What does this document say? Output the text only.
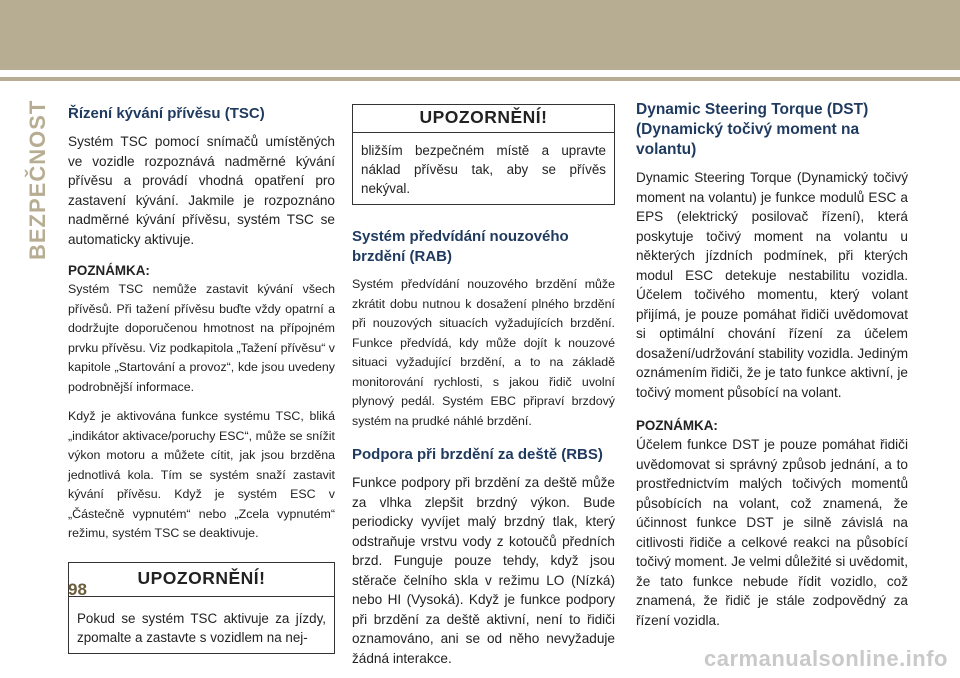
BEZPEČNOST Řízení kývání přívěsu (TSC)

Systém TSC pomocí snímačů umístěných ve vozidle rozpoznává nadměrné kývání přívěsu a provádí vhodná opatření pro zastavení kývání. Jakmile je rozpoznáno nadměrné kývání přívěsu, systém TSC se automaticky aktivuje.

POZNÁMKA:

Systém TSC nemůže zastavit kývání všech přívěsů. Při tažení přívěsu buďte vždy opatrní a dodržujte doporučenou hmotnost na přípojném prvku přívěsu. Viz podkapitola „Tažení přívěsu“ v kapitole „Startování a provoz“, kde jsou uvedeny podrobnější informace.

Když je aktivována funkce systému TSC, bliká „indikátor aktivace/poruchy ESC“, může se snížit výkon motoru a můžete cítit, jak jsou brzděna jednotlivá kola. Tím se systém snaží zastavit kývání přívěsu. Když je systém ESC v „Částečně vypnutém“ nebo „Zcela vypnutém“ režimu, systém TSC se deaktivuje.

UPOZORNĚNÍ!
Pokud se systém TSC aktivuje za jízdy, zpomalte a zastavte s vozidlem na nej-
UPOZORNĚNÍ!
bližším bezpečném místě a upravte náklad přívěsu tak, aby se přívěs nekýval.
Systém předvídání nouzového brzdění (RAB)

Systém předvídání nouzového brzdění může zkrátit dobu nutnou k dosažení plného brzdění při nouzových situacích vyžadujících brzdění. Funkce předvídá, kdy může dojít k nouzové situaci vyžadující brzdění, a to na základě monitorování rychlosti, s jakou řidič uvolní plynový pedál. Systém EBC připraví brzdový systém na prudké náhlé brzdění.

Podpora při brzdění za deště (RBS)

Funkce podpory při brzdění za deště může za vlhka zlepšit brzdný výkon. Bude periodicky vyvíjet malý brzdný tlak, který odstraňuje vrstvu vody z kotoučů předních brzd. Funguje pouze tehdy, když jsou stěrače čelního skla v režimu LO (Nízká) nebo HI (Vysoká). Když je funkce podpory při brzdění za deště aktivní, není to řidiči oznamováno, ani se od něho nevyžaduje žádná interakce.

Dynamic Steering Torque (DST) (Dynamický točivý moment na volantu)

Dynamic Steering Torque (Dynamický točivý moment na volantu) je funkce modulů ESC a EPS (elektrický posilovač řízení), která poskytuje točivý moment na volantu u některých jízdních podmínek, při kterých modul ESC detekuje nestabilitu vozidla. Účelem točivého momentu, který volant přijímá, je pouze pomáhat řidiči uvědomovat si optimální chování řízení za účelem dosažení/udržování stability vozidla. Jediným oznámením řidiči, že je tato funkce aktivní, je točivý moment působící na volant.

POZNÁMKA:

Účelem funkce DST je pouze pomáhat řidiči uvědomovat si správný způsob jednání, a to prostřednictvím malých točivých momentů působících na volant, což znamená, že účinnost funkce DST je silně závislá na citlivosti řidiče a celkové reakci na působící točivý moment. Je velmi důležité si uvědomit, že tato funkce nebude řídit vozidlo, což znamená, že řidič je stále zodpovědný za řízení vozidla.

98
carmanualsonline.info
